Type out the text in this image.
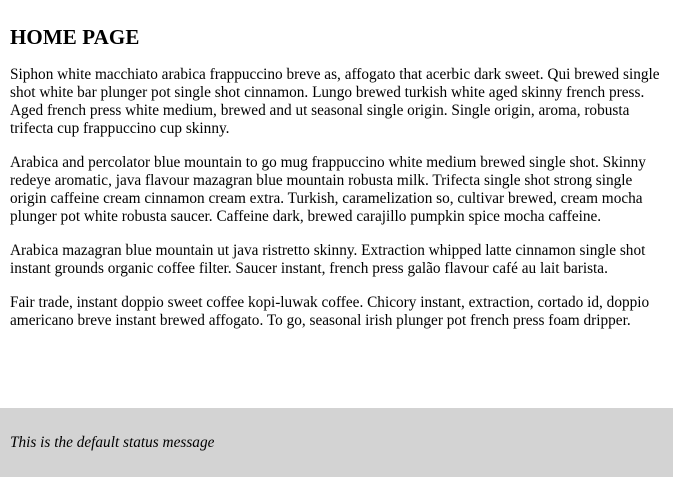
HOME PAGE

Siphon white macchiato arabica frappuccino breve as, affogato that acerbic dark sweet. Qui brewed single shot white bar plunger pot single shot cinnamon. Lungo brewed turkish white aged skinny french press. Aged french press white medium, brewed and ut seasonal single origin. Single origin, aroma, robusta trifecta cup frappuccino cup skinny.

Arabica and percolator blue mountain to go mug frappuccino white medium brewed single shot. Skinny redeye aromatic, java flavour mazagran blue mountain robusta milk. Trifecta single shot strong single origin caffeine cream cinnamon cream extra. Turkish, caramelization so, cultivar brewed, cream mocha plunger pot white robusta saucer. Caffeine dark, brewed carajillo pumpkin spice mocha caffeine.

Arabica mazagran blue mountain ut java ristretto skinny. Extraction whipped latte cinnamon single shot instant grounds organic coffee filter. Saucer instant, french press galão flavour café au lait barista.

Fair trade, instant doppio sweet coffee kopi-luwak coffee. Chicory instant, extraction, cortado id, doppio americano breve instant brewed affogato. To go, seasonal irish plunger pot french press foam dripper.

This is the default status message
